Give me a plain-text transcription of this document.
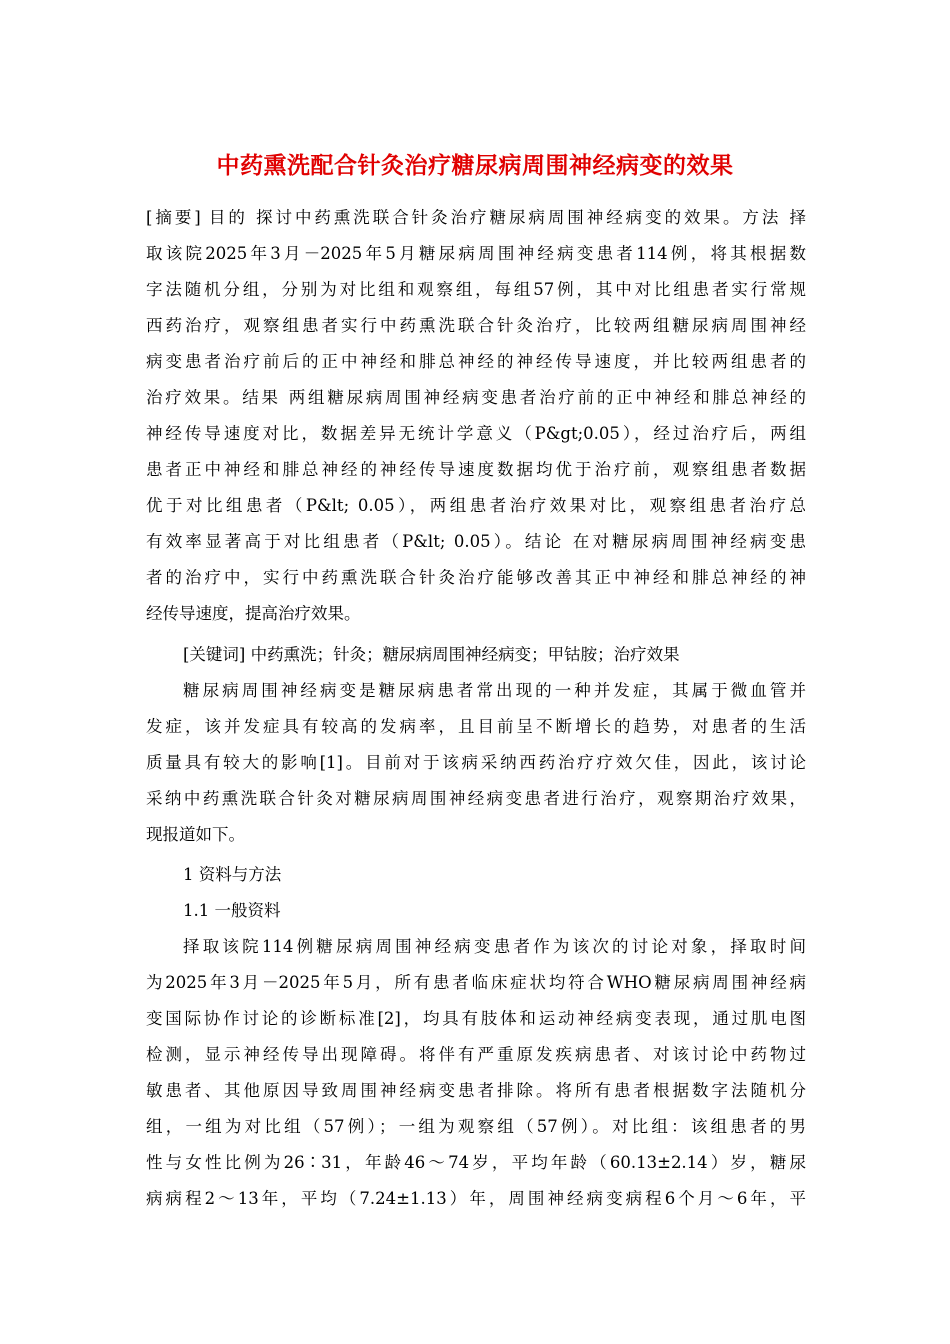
中药熏洗配合针灸治疗糖尿病周围神经病变的效果
[摘要] 目的 探讨中药熏洗联合针灸治疗糖尿病周围神经病变的效果。方法 择
取该院2025年3月－2025年5月糖尿病周围神经病变患者114例，将其根据数
字法随机分组，分别为对比组和观察组，每组57例，其中对比组患者实行常规
西药治疗，观察组患者实行中药熏洗联合针灸治疗，比较两组糖尿病周围神经
病变患者治疗前后的正中神经和腓总神经的神经传导速度，并比较两组患者的
治疗效果。结果 两组糖尿病周围神经病变患者治疗前的正中神经和腓总神经的
神经传导速度对比，数据差异无统计学意义（P&gt;0.05），经过治疗后，两组
患者正中神经和腓总神经的神经传导速度数据均优于治疗前，观察组患者数据
优于对比组患者（P&lt; 0.05），两组患者治疗效果对比，观察组患者治疗总
有效率显著高于对比组患者（P&lt; 0.05）。结论 在对糖尿病周围神经病变患
者的治疗中，实行中药熏洗联合针灸治疗能够改善其正中神经和腓总神经的神
经传导速度，提高治疗效果。
[关键词] 中药熏洗；针灸；糖尿病周围神经病变；甲钴胺；治疗效果
糖尿病周围神经病变是糖尿病患者常出现的一种并发症，其属于微血管并
发症，该并发症具有较高的发病率，且目前呈不断增长的趋势，对患者的生活
质量具有较大的影响[1]。目前对于该病采纳西药治疗疗效欠佳，因此，该讨论
采纳中药熏洗联合针灸对糖尿病周围神经病变患者进行治疗，观察期治疗效果，
现报道如下。
1 资料与方法
1.1 一般资料
择取该院114例糖尿病周围神经病变患者作为该次的讨论对象，择取时间
为2025年3月－2025年5月，所有患者临床症状均符合WHO糖尿病周围神经病
变国际协作讨论的诊断标准[2]，均具有肢体和运动神经病变表现，通过肌电图
检测，显示神经传导出现障碍。将伴有严重原发疾病患者、对该讨论中药物过
敏患者、其他原因导致周围神经病变患者排除。将所有患者根据数字法随机分
组，一组为对比组（57例）；一组为观察组（57例）。对比组：该组患者的男
性与女性比例为26∶31，年龄46～74岁，平均年龄（60.13±2.14）岁，糖尿
病病程2～13年，平均（7.24±1.13）年，周围神经病变病程6个月～6年，平
